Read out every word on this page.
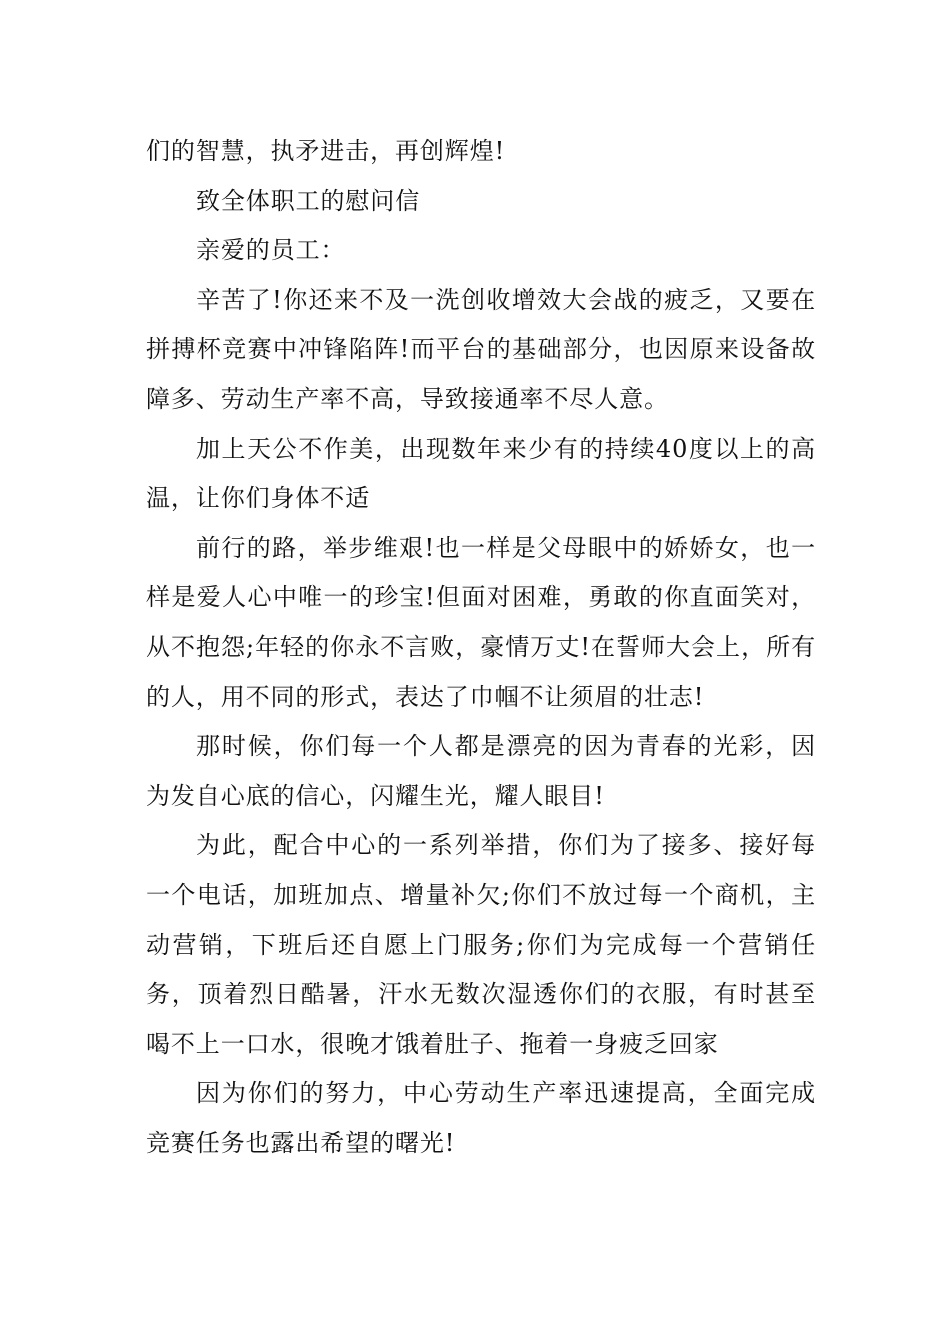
们的智慧，执矛进击，再创辉煌!

致全体职工的慰问信

亲爱的员工：

辛苦了!你还来不及一洗创收增效大会战的疲乏，又要在拼搏杯竞赛中冲锋陷阵!而平台的基础部分，也因原来设备故障多、劳动生产率不高，导致接通率不尽人意。

加上天公不作美，出现数年来少有的持续40度以上的高温，让你们身体不适

前行的路，举步维艰!也一样是父母眼中的娇娇女，也一样是爱人心中唯一的珍宝!但面对困难，勇敢的你直面笑对，从不抱怨;年轻的你永不言败，豪情万丈!在誓师大会上，所有的人，用不同的形式，表达了巾帼不让须眉的壮志!

那时候，你们每一个人都是漂亮的因为青春的光彩，因为发自心底的信心，闪耀生光，耀人眼目!

为此，配合中心的一系列举措，你们为了接多、接好每一个电话，加班加点、增量补欠;你们不放过每一个商机，主动营销，下班后还自愿上门服务;你们为完成每一个营销任务，顶着烈日酷暑，汗水无数次湿透你们的衣服，有时甚至喝不上一口水，很晚才饿着肚子、拖着一身疲乏回家

因为你们的努力，中心劳动生产率迅速提高，全面完成竞赛任务也露出希望的曙光!
